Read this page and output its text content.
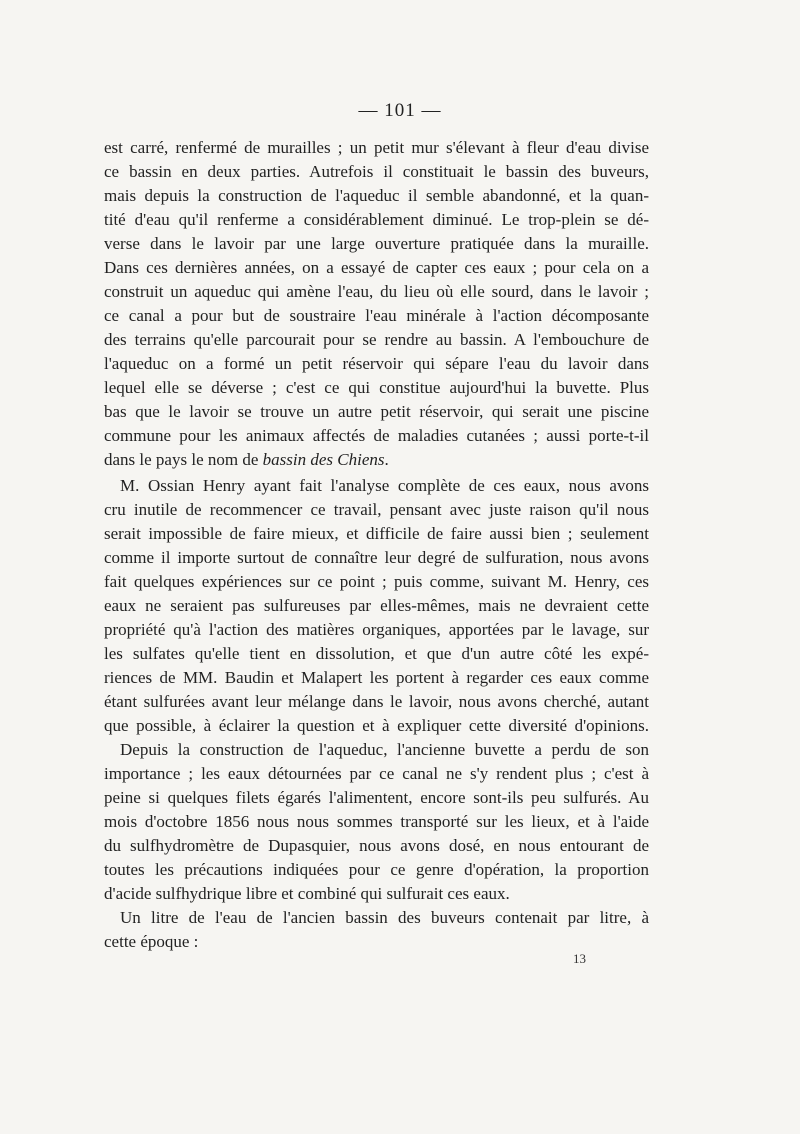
— 101 —
est carré, renfermé de murailles ; un petit mur s'élevant à fleur d'eau divise
ce bassin en deux parties. Autrefois il constituait le bassin des buveurs,
mais depuis la construction de l'aqueduc il semble abandonné, et la quan-
tité d'eau qu'il renferme a considérablement diminué. Le trop-plein se dé-
verse dans le lavoir par une large ouverture pratiquée dans la muraille.
Dans ces dernières années, on a essayé de capter ces eaux ; pour cela on a
construit un aqueduc qui amène l'eau, du lieu où elle sourd, dans le lavoir ;
ce canal a pour but de soustraire l'eau minérale à l'action décomposante
des terrains qu'elle parcourait pour se rendre au bassin. A l'embouchure de
l'aqueduc on a formé un petit réservoir qui sépare l'eau du lavoir dans
lequel elle se déverse ; c'est ce qui constitue aujourd'hui la buvette. Plus
bas que le lavoir se trouve un autre petit réservoir, qui serait une piscine
commune pour les animaux affectés de maladies cutanées ; aussi porte-t-il
dans le pays le nom de bassin des Chiens.
M. Ossian Henry ayant fait l'analyse complète de ces eaux, nous avons
cru inutile de recommencer ce travail, pensant avec juste raison qu'il nous
serait impossible de faire mieux, et difficile de faire aussi bien ; seulement
comme il importe surtout de connaître leur degré de sulfuration, nous avons
fait quelques expériences sur ce point ; puis comme, suivant M. Henry, ces
eaux ne seraient pas sulfureuses par elles-mêmes, mais ne devraient cette
propriété qu'à l'action des matières organiques, apportées par le lavage, sur
les sulfates qu'elle tient en dissolution, et que d'un autre côté les expé-
riences de MM. Baudin et Malapert les portent à regarder ces eaux comme
étant sulfurées avant leur mélange dans le lavoir, nous avons cherché, autant
que possible, à éclairer la question et à expliquer cette diversité d'opinions.
Depuis la construction de l'aqueduc, l'ancienne buvette a perdu de son
importance ; les eaux détournées par ce canal ne s'y rendent plus ; c'est à
peine si quelques filets égarés l'alimentent, encore sont-ils peu sulfurés. Au
mois d'octobre 1856 nous nous sommes transporté sur les lieux, et à l'aide
du sulfhydromètre de Dupasquier, nous avons dosé, en nous entourant de
toutes les précautions indiquées pour ce genre d'opération, la proportion
d'acide sulfhydrique libre et combiné qui sulfurait ces eaux.
Un litre de l'eau de l'ancien bassin des buveurs contenait par litre, à
cette époque :
13
